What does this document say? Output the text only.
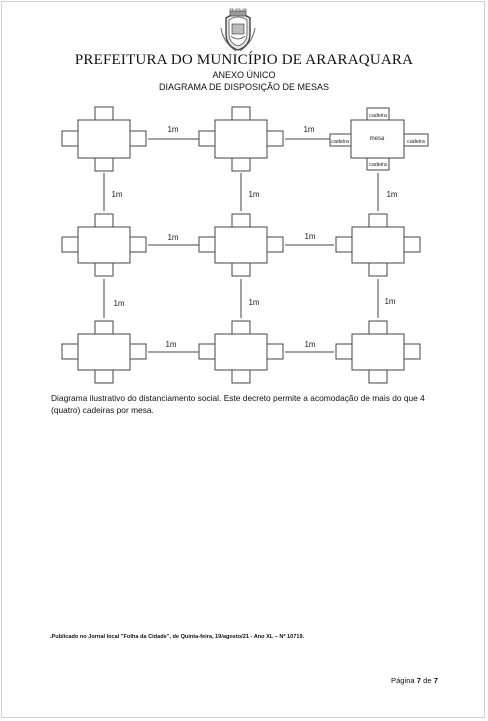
PREFEITURA DO MUNICÍPIO DE ARARAQUARA
ANEXO ÚNICO
DIAGRAMA DE DISPOSIÇÃO DE MESAS
1m	1m
1m	1m
1m	1m
1m	1m	1m
1m	1m	1m
mesa
cadeira
cadeira
cadeira	cadeira
Diagrama ilustrativo do distanciamento social. Este decreto permite a acomodação de mais do que 4 (quatro) cadeiras por mesa.
.Publicado no Jornal local "Folha da Cidade", de Quinta-feira, 19/agosto/21 - Ano XL – Nº 10719.
Página 7 de 7
